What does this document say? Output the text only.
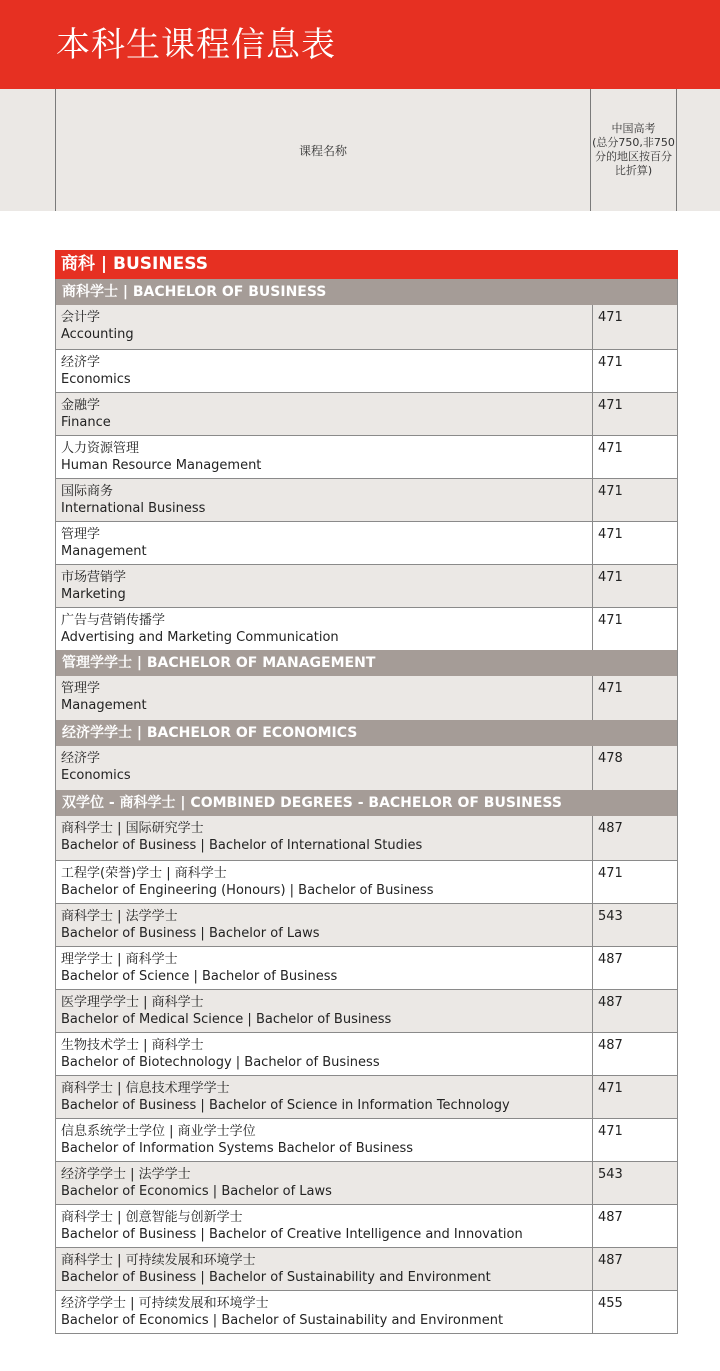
本科生课程信息表
课程名称
中国高考
(总分750,非750
分的地区按百分
比折算)
商科 | BUSINESS
商科学士 | BACHELOR OF BUSINESS
会计学
Accounting
471
经济学
Economics
471
金融学
Finance
471
人力资源管理
Human Resource Management
471
国际商务
International Business
471
管理学
Management
471
市场营销学
Marketing
471
广告与营销传播学
Advertising and Marketing Communication
471
管理学学士 | BACHELOR OF MANAGEMENT
管理学
Management
471
经济学学士 | BACHELOR OF ECONOMICS
经济学
Economics
478
双学位 - 商科学士 | COMBINED DEGREES - BACHELOR OF BUSINESS
商科学士 | 国际研究学士
Bachelor of Business | Bachelor of International Studies
487
工程学(荣誉)学士 | 商科学士
Bachelor of Engineering (Honours) | Bachelor of Business
471
商科学士 | 法学学士
Bachelor of Business | Bachelor of Laws
543
理学学士 | 商科学士
Bachelor of Science | Bachelor of Business
487
医学理学学士 | 商科学士
Bachelor of Medical Science | Bachelor of Business
487
生物技术学士 | 商科学士
Bachelor of Biotechnology | Bachelor of Business
487
商科学士 | 信息技术理学学士
Bachelor of Business | Bachelor of Science in Information Technology
471
信息系统学士学位 | 商业学士学位
Bachelor of Information Systems Bachelor of Business
471
经济学学士 | 法学学士
Bachelor of Economics | Bachelor of Laws
543
商科学士 | 创意智能与创新学士
Bachelor of Business | Bachelor of Creative Intelligence and Innovation
487
商科学士 | 可持续发展和环境学士
Bachelor of Business | Bachelor of Sustainability and Environment
487
经济学学士 | 可持续发展和环境学士
Bachelor of Economics | Bachelor of Sustainability and Environment
455
